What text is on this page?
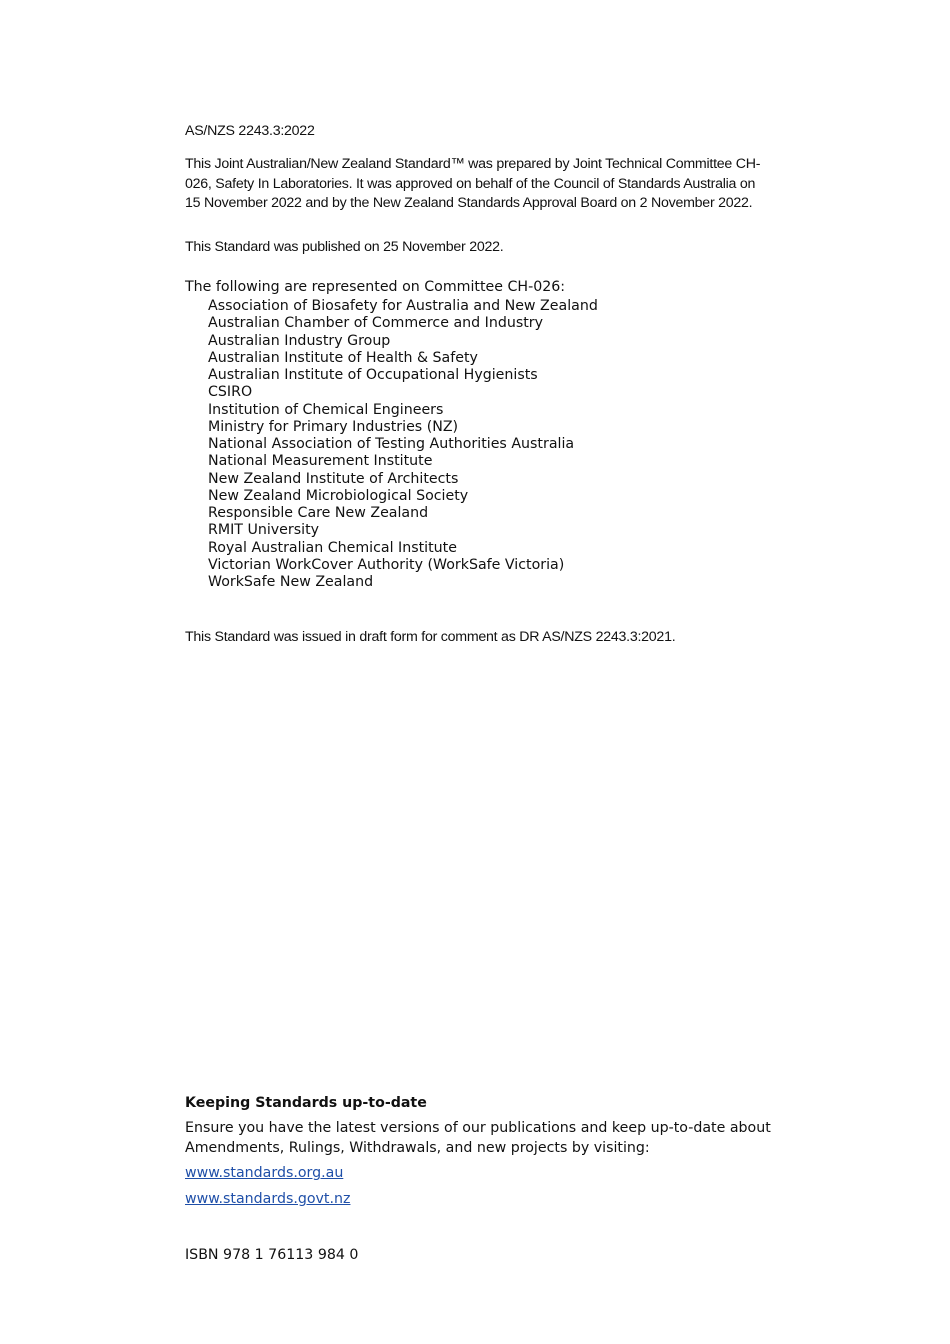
AS/NZS 2243.3:2022

This Joint Australian/New Zealand Standard™ was prepared by Joint Technical Committee CH-026, Safety In Laboratories. It was approved on behalf of the Council of Standards Australia on 15 November 2022 and by the New Zealand Standards Approval Board on 2 November 2022.

This Standard was published on 25 November 2022.

The following are represented on Committee CH-026:

Association of Biosafety for Australia and New Zealand
Australian Chamber of Commerce and Industry
Australian Industry Group
Australian Institute of Health & Safety
Australian Institute of Occupational Hygienists
CSIRO
Institution of Chemical Engineers
Ministry for Primary Industries (NZ)
National Association of Testing Authorities Australia
National Measurement Institute
New Zealand Institute of Architects
New Zealand Microbiological Society
Responsible Care New Zealand
RMIT University
Royal Australian Chemical Institute
Victorian WorkCover Authority (WorkSafe Victoria)
WorkSafe New Zealand

This Standard was issued in draft form for comment as DR AS/NZS 2243.3:2021.

Keeping Standards up-to-date

Ensure you have the latest versions of our publications and keep up-to-date about Amendments, Rulings, Withdrawals, and new projects by visiting:

www.standards.org.au
www.standards.govt.nz

ISBN 978 1 76113 984 0
